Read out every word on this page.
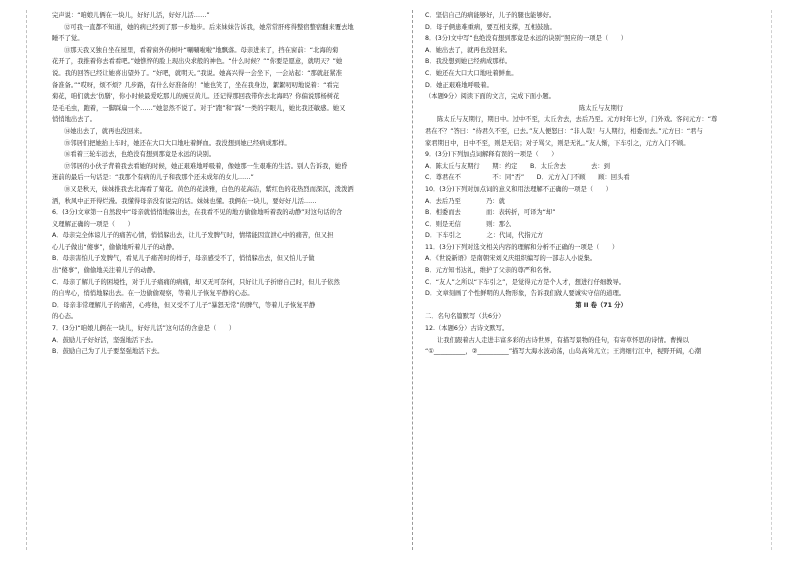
完声说：“咱娘儿俩在一块儿，好好儿活，好好儿活……”
⑫可我一直都不知道，她的病已经到了那一步地步。后来妹妹告诉我，她常常肝疼得整宿整宿翻来覆去地
睡不了觉。
⑬那天我又独自坐在屋里，看着窗外的树叶“唰唰啦啦”地飘落。母亲进来了，挡在窗前：“北海的菊
花开了，我推着你去看看吧。”她憔悴的脸上现出央求般的神色。“什么时候？”“你要是愿意，就明天？”她
说。我的回答已经让她喜出望外了。“好吧，就明天。”我说。她高兴得一会坐下，一会站起：“那就赶紧准
备准备。”“哎呀，烦不烦？几步路，有什么好准备的！”她也笑了，坐在我身边，絮絮叨叨地说着：“看完
菊花，咱们就去‘仿膳’，你小时候最爱吃那儿的豌豆黄儿。还记得那回我带你去北海吗？你偏说那杨树花
是毛毛虫，跑着，一脚踩扁一个……”她忽然不说了。对于“跑”和“踩”一类的字眼儿，她比我还敏感。她又
悄悄地出去了。
⑭她出去了，就再也没回来。
⑮邻居们把她抬上车时，她还在大口大口地吐着鲜血。我没想到她已经病成那样。
⑯看着三轮车远去，也绝没有想到那竟是永远的诀别。
⑰邻居的小伙子背着我去看她的时候，她正艰难地呼吸着，像她那一生艰难的生活。别人告诉我，她昏
迷前的最后一句话是：“我那个有病的儿子和我那个还未成年的女儿……”
⑱又是秋天，妹妹推我去北海看了菊花。黄色的花淡雅，白色的花高洁，紫红色的花热烈而深沉，泼泼洒
洒，秋风中正开得烂漫。我懂得母亲没有说完的话。妹妹也懂。我俩在一块儿，要好好儿活……
6．(3分)文章第一自然段中“母亲就悄悄地躲出去，在我看不见的地方偷偷地听着我的动静”对这句话的含
义理解正确的一项是（　　）
A．母亲完全体谅儿子的痛苦心情，悄悄躲出去，让儿子发脾气时，情绪能因宣泄心中的痛苦，但又担
心儿子做出“傻事”，偷偷地听着儿子的动静。
B．母亲害怕儿子发脾气，看见儿子痛苦时的样子，母亲感受不了，悄悄躲出去，但又怕儿子做
出“傻事”，偷偷地关注着儿子的动静。
C．母亲了解儿子的困境性，对于儿子痛痛的病痛，却又无可奈何，只好让儿子折磨自己时，但儿子依然
的自卑心，悄悄地躲出去。在一边偷偷观察，等着儿子恢复平静的心态。
D．母亲非常理解儿子的痛苦，心疼他，但又受不了儿子“暴怒无常”的脾气，等着儿子恢复平静
的心态。
7．(3分)“咱娘儿俩在一块儿，好好儿活”这句话的含意是（　　）
A．鼓励儿子好好活，坚强地活下去。
B．鼓励自己为了儿子要坚强地活下去。
C．坚信自己的病能够好，儿子的腿也能够好。
D．母子俩患难重病，要互相支撑，互相鼓励。
8．(3分)文中写“也绝没有想到那竟是永远的诀别”照应的一项是（　　）
A．她出去了，就再也没回来。
B．我没想到她已经病成那样。
C．她还在大口大口地吐着鲜血。
D．她正艰难地呼吸着。
（本题9分）阅读下面的文言，完成下面小题。
陈太丘与友期行
陈太丘与友期行，期日中。过中不至，太丘舍去，去后乃至。元方时年七岁，门外戏。客问元方：“尊
君在不？”答曰：“待君久不至，已去。”友人便怒曰：“非人哉！与人期行，相委而去。”元方曰：“君与
家君期日中，日中不至，则是无信；对子骂父，则是无礼。”友人惭，下车引之，元方入门不顾。
9．(3分)下列加点词解释有误的一项是（　　）
A．陈太丘与友期行　　期：约定　　B．太丘舍去　　　　去：到
C．尊君在不　　　　　不：同“否”　　D．元方入门不顾　　顾：回头看
10．(3分)下列对加点词的意义和用法理解不正确的一项是（　　）
A．去后乃至　　　　乃：就
B．相委而去　　　　而：表转折，可译为“却”
C．则是无信　　　　则：那么
D．下车引之　　　　之：代词，代指元方
11．(3分)下列对选文相关内容的理解和分析不正确的一项是（　　）
A．《世说新语》是南朝宋刘义庆组织编写的一部志人小说集。
B．元方知书达礼，维护了父亲的尊严和名誉。
C．“友人”之所以“下车引之”，是觉得元方是个人才，想进行仔细教导。
D．文章刻画了个性鲜明的人物形象，告诉我们做人要诚实守信的道理。
第 II 卷（71 分）
二．名句名篇默写（共6分）
12.（本题6分）古诗文默写。
让我们跟着古人走进丰富多彩的古诗世界，有描写景物的佳句，有寄草怀思的诗情。曹操以
“①__________，②__________”描写大海水波动荡，山岛高耸兀立；王湾细行江中，视野开阔，心潮
